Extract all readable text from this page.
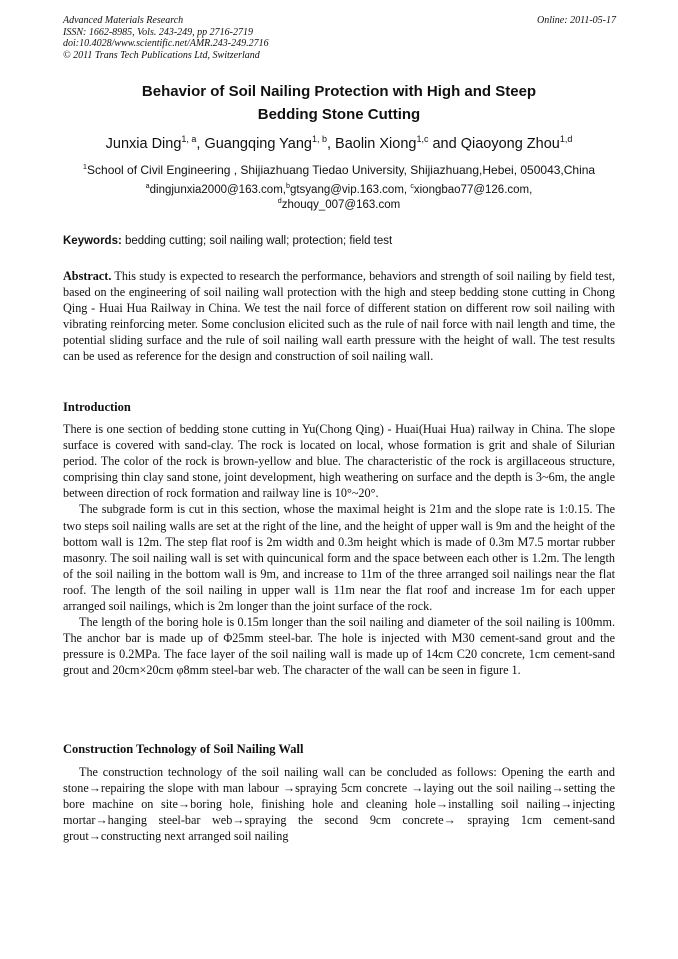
Advanced Materials Research
ISSN: 1662-8985, Vols. 243-249, pp 2716-2719
doi:10.4028/www.scientific.net/AMR.243-249.2716
© 2011 Trans Tech Publications Ltd, Switzerland
Online: 2011-05-17
Behavior of Soil Nailing Protection with High and Steep
Bedding Stone Cutting
Junxia Ding$^{1, a}$, Guangqing Yang$^{1, b}$, Baolin Xiong$^{1,c}$ and Qiaoyong Zhou$^{1,d}$
$^1$School of Civil Engineering , Shijiazhuang Tiedao University, Shijiazhuang,Hebei, 050043,China
$^a$dingjunxia2000@163.com,$^b$gtsyang@vip.163.com, $^c$xiongbao77@126.com,
$^d$zhouqy_007@163.com
Keywords: bedding cutting; soil nailing wall; protection; field test

Abstract. This study is expected to research the performance, behaviors and strength of soil nailing by field test, based on the engineering of soil nailing wall protection with the high and steep bedding stone cutting in Chong Qing - Huai Hua Railway in China. We test the nail force of different station on different row soil nailing with vibrating reinforcing meter. Some conclusion elicited such as the rule of nail force with nail length and time, the potential sliding surface and the rule of soil nailing wall earth pressure with the height of wall. The test results can be used as reference for the design and construction of soil nailing wall.

Introduction

There is one section of bedding stone cutting in Yu(Chong Qing) - Huai(Huai Hua) railway in China. The slope surface is covered with sand-clay. The rock is located on local, whose formation is grit and shale of Silurian period. The color of the rock is brown-yellow and blue. The characteristic of the rock is argillaceous structure, comprising thin clay sand stone, joint development, high weathering on surface and the depth is 3~6m, the angle between direction of rock formation and railway line is 10°~20°.

The subgrade form is cut in this section, whose the maximal height is 21m and the slope rate is 1:0.15. The two steps soil nailing walls are set at the right of the line, and the height of upper wall is 9m and the height of the bottom wall is 12m. The step flat roof is 2m width and 0.3m height which is made of 0.3m M7.5 mortar rubber masonry. The soil nailing wall is set with quincunical form and the space between each other is 1.2m. The length of the soil nailing in the bottom wall is 9m, and increase to 11m of the three arranged soil nailings near the flat roof. The length of the soil nailing in upper wall is 11m near the flat roof and increase 1m for each upper arranged soil nailings, which is 2m longer than the joint surface of the rock.

The length of the boring hole is 0.15m longer than the soil nailing and diameter of the soil nailing is 100mm. The anchor bar is made up of Φ25mm steel-bar. The hole is injected with M30 cement-sand grout and the pressure is 0.2MPa. The face layer of the soil nailing wall is made up of 14cm C20 concrete, 1cm cement-sand grout and 20cm×20cm φ8mm steel-bar web. The character of the wall can be seen in figure 1.

Construction Technology of Soil Nailing Wall

The construction technology of the soil nailing wall can be concluded as follows: Opening the earth and stone→repairing the slope with man labour →spraying 5cm concrete →laying out the soil nailing→setting the bore machine on site→boring hole, finishing hole and cleaning hole→installing soil nailing→injecting mortar→hanging steel-bar web→spraying the second 9cm concrete→ spraying 1cm cement-sand grout→constructing next arranged soil nailing
